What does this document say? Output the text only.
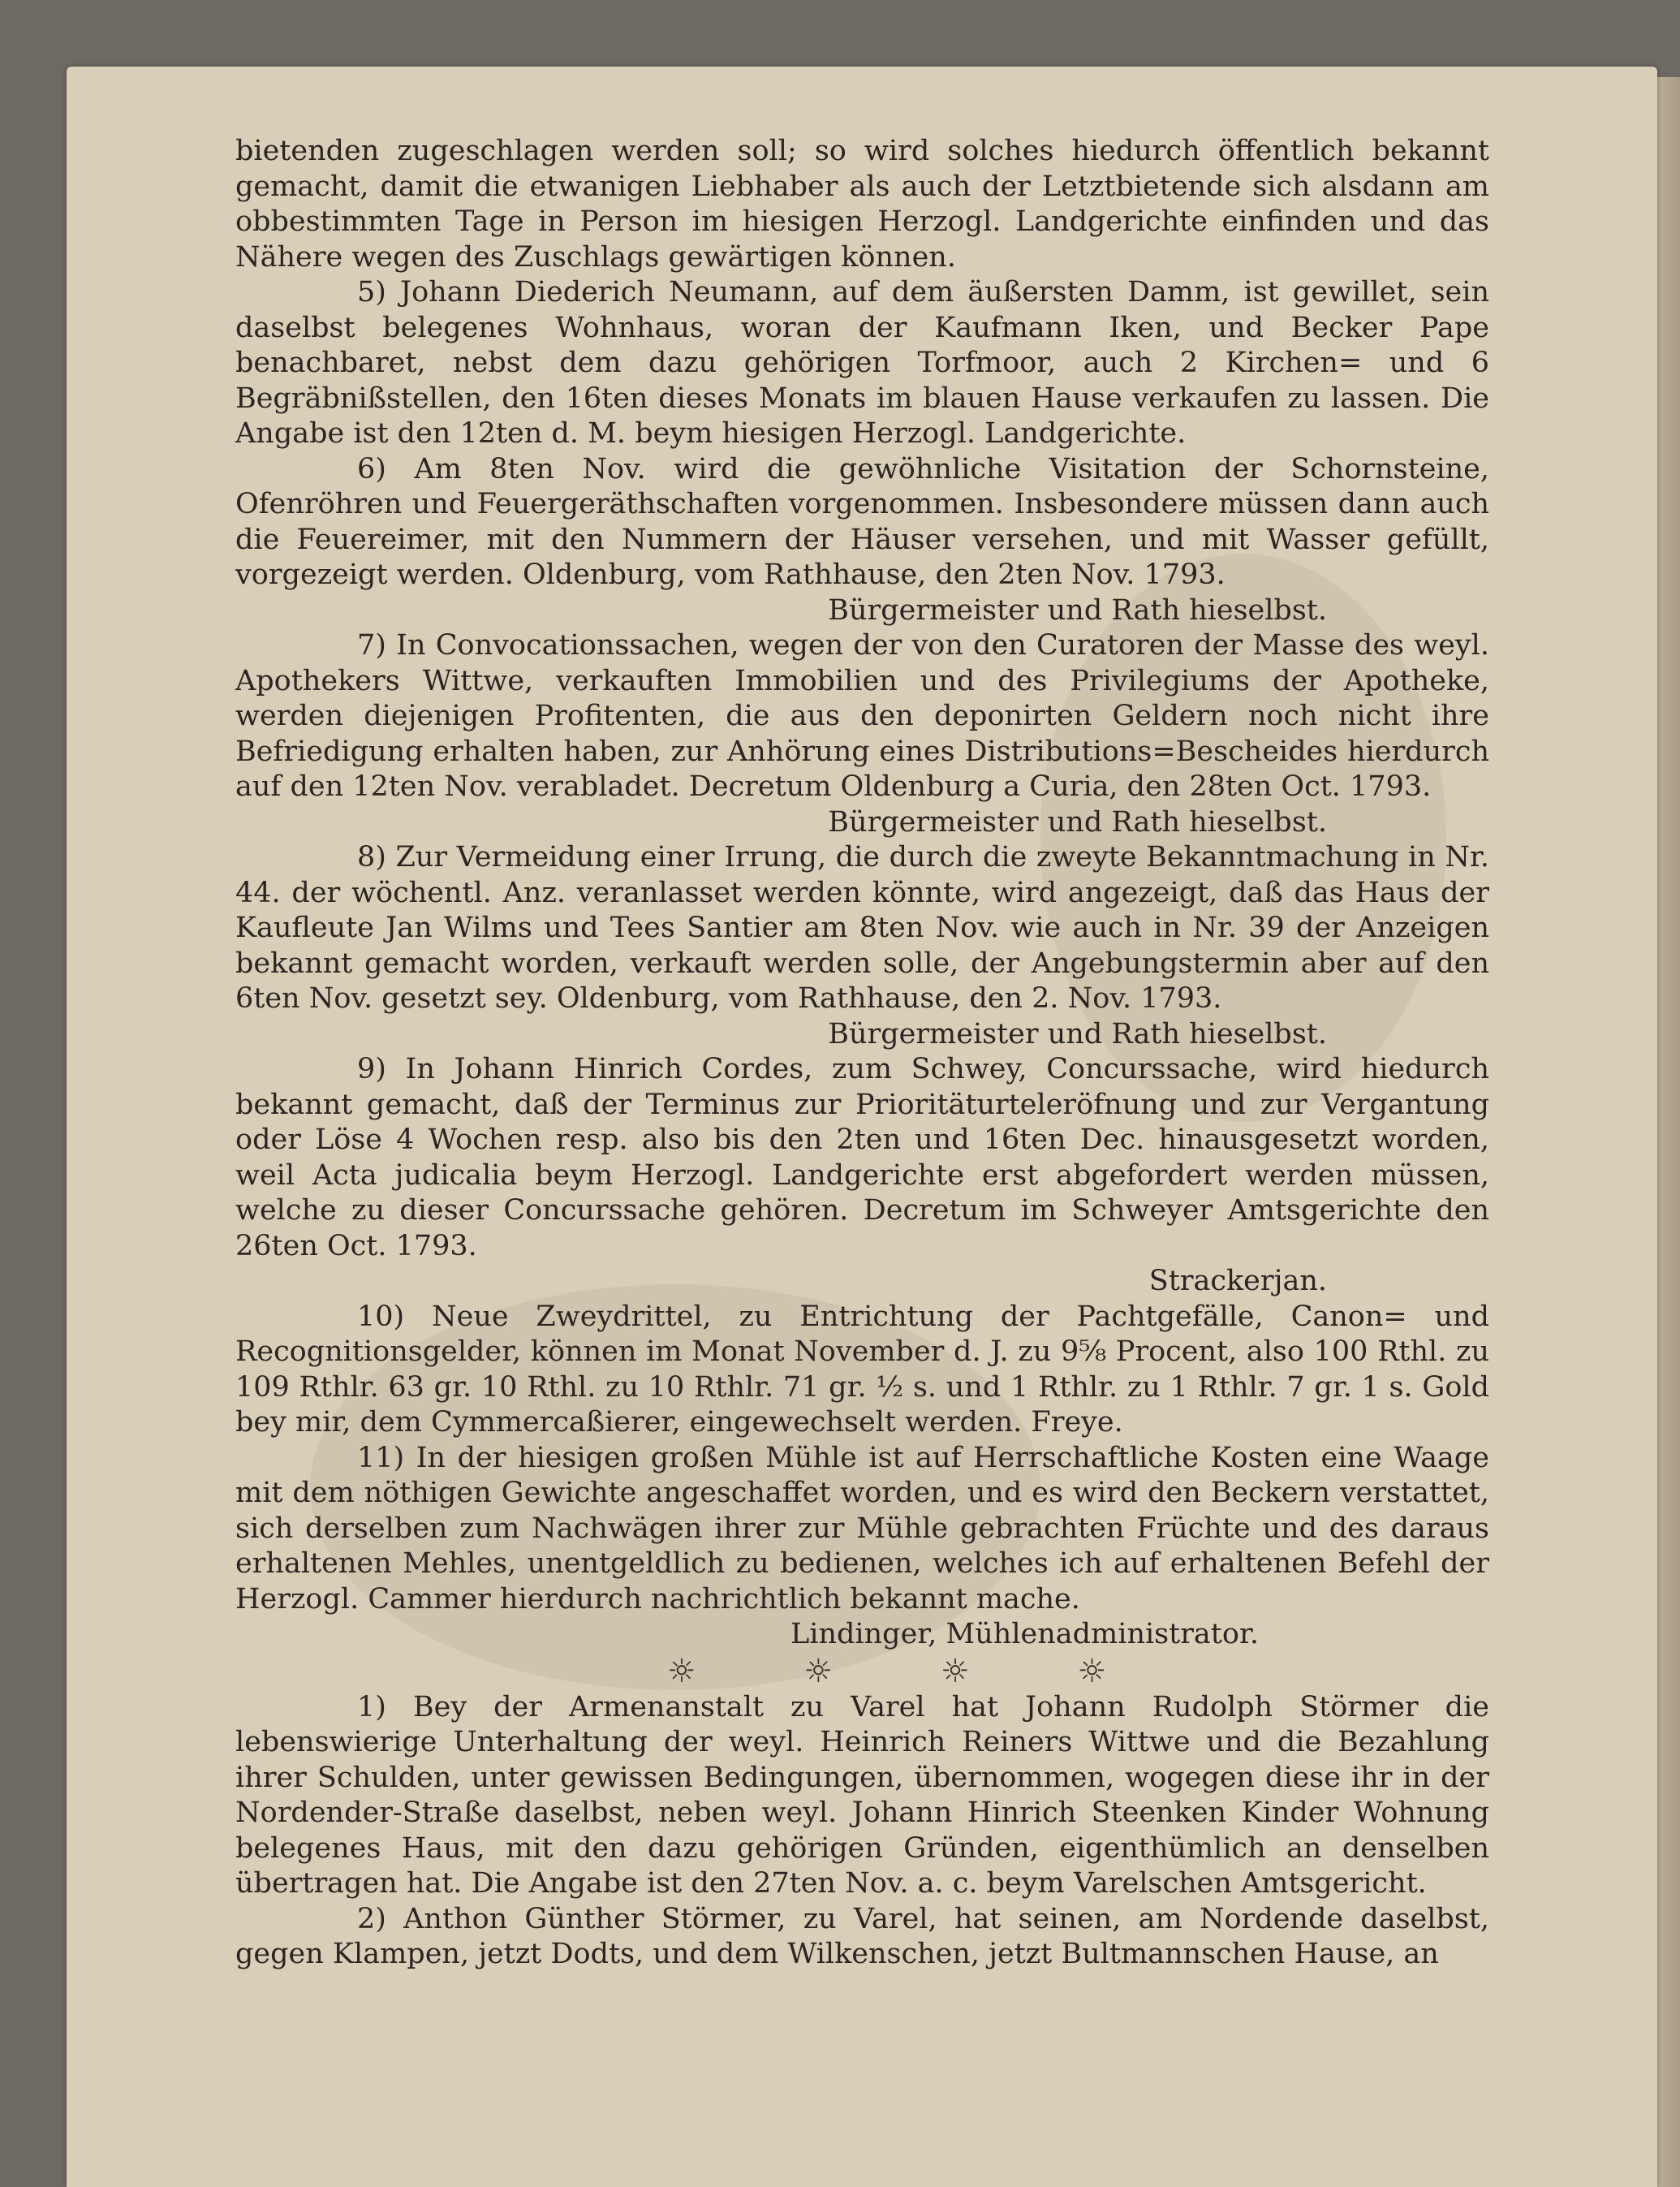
bietenden zugeschlagen werden soll; so wird solches hiedurch öffentlich bekannt gemacht, damit die etwanigen Liebhaber als auch der Letztbietende sich alsdann am obbestimmten Tage in Person im hiesigen Herzogl. Landgerichte einfinden und das Nähere wegen des Zuschlags gewärtigen können.

5) Johann Diederich Neumann, auf dem äußersten Damm, ist gewillet, sein daselbst belegenes Wohnhaus, woran der Kaufmann Iken, und Becker Pape benachbaret, nebst dem dazu gehörigen Torfmoor, auch 2 Kirchen= und 6 Begräbnißstellen, den 16ten dieses Monats im blauen Hause verkaufen zu lassen. Die Angabe ist den 12ten d. M. beym hiesigen Herzogl. Landgerichte.

6) Am 8ten Nov. wird die gewöhnliche Visitation der Schornsteine, Ofenröhren und Feuergeräthschaften vorgenommen. Insbesondere müssen dann auch die Feuereimer, mit den Nummern der Häuser versehen, und mit Wasser gefüllt, vorgezeigt werden. Oldenburg, vom Rathhause, den 2ten Nov. 1793.

Bürgermeister und Rath hieselbst.

7) In Convocationssachen, wegen der von den Curatoren der Masse des weyl. Apothekers Wittwe, verkauften Immobilien und des Privilegiums der Apotheke, werden diejenigen Profitenten, die aus den deponirten Geldern noch nicht ihre Befriedigung erhalten haben, zur Anhörung eines Distributions=Bescheides hierdurch auf den 12ten Nov. verabladet. Decretum Oldenburg a Curia, den 28ten Oct. 1793.

Bürgermeister und Rath hieselbst.

8) Zur Vermeidung einer Irrung, die durch die zweyte Bekanntmachung in Nr. 44. der wöchentl. Anz. veranlasset werden könnte, wird angezeigt, daß das Haus der Kaufleute Jan Wilms und Tees Santier am 8ten Nov. wie auch in Nr. 39 der Anzeigen bekannt gemacht worden, verkauft werden solle, der Angebungstermin aber auf den 6ten Nov. gesetzt sey. Oldenburg, vom Rathhause, den 2. Nov. 1793.

Bürgermeister und Rath hieselbst.

9) In Johann Hinrich Cordes, zum Schwey, Concurssache, wird hiedurch bekannt gemacht, daß der Terminus zur Prioritäturteleröfnung und zur Vergantung oder Löse 4 Wochen resp. also bis den 2ten und 16ten Dec. hinausgesetzt worden, weil Acta judicalia beym Herzogl. Landgerichte erst abgefordert werden müssen, welche zu dieser Concurssache gehören. Decretum im Schweyer Amtsgerichte den 26ten Oct. 1793.

Strackerjan.

10) Neue Zweydrittel, zu Entrichtung der Pachtgefälle, Canon= und Recognitionsgelder, können im Monat November d. J. zu 9⅝ Procent, also 100 Rthl. zu 109 Rthlr. 63 gr. 10 Rthl. zu 10 Rthlr. 71 gr. ½ s. und 1 Rthlr. zu 1 Rthlr. 7 gr. 1 s. Gold bey mir, dem Cymmercaßierer, eingewechselt werden. Freye.

11) In der hiesigen großen Mühle ist auf Herrschaftliche Kosten eine Waage mit dem nöthigen Gewichte angeschaffet worden, und es wird den Beckern verstattet, sich derselben zum Nachwägen ihrer zur Mühle gebrachten Früchte und des daraus erhaltenen Mehles, unentgeldlich zu bedienen, welches ich auf erhaltenen Befehl der Herzogl. Cammer hierdurch nachrichtlich bekannt mache.

Lindinger, Mühlenadministrator.
☼ ☼ ☼ ☼

1) Bey der Armenanstalt zu Varel hat Johann Rudolph Störmer die lebenswierige Unterhaltung der weyl. Heinrich Reiners Wittwe und die Bezahlung ihrer Schulden, unter gewissen Bedingungen, übernommen, wogegen diese ihr in der Nordender-Straße daselbst, neben weyl. Johann Hinrich Steenken Kinder Wohnung belegenes Haus, mit den dazu gehörigen Gründen, eigenthümlich an denselben übertragen hat. Die Angabe ist den 27ten Nov. a. c. beym Varelschen Amtsgericht.

2) Anthon Günther Störmer, zu Varel, hat seinen, am Nordende daselbst, gegen Klampen, jetzt Dodts, und dem Wilkenschen, jetzt Bultmannschen Hause, an
